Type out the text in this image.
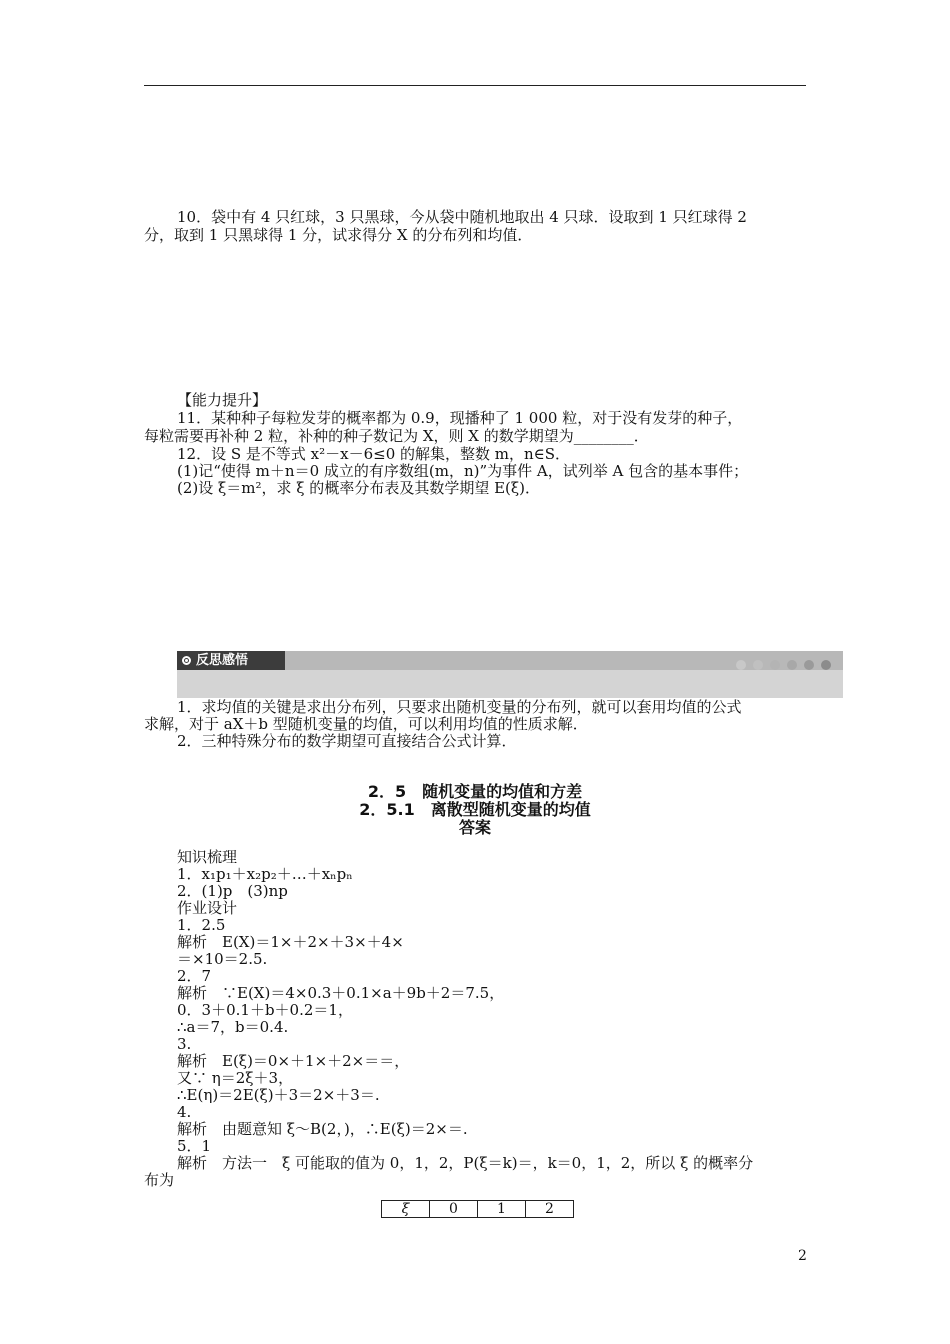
10．袋中有 4 只红球，3 只黑球，今从袋中随机地取出 4 只球．设取到 1 只红球得 2
分，取到 1 只黑球得 1 分，试求得分 X 的分布列和均值．
【能力提升】
11．某种种子每粒发芽的概率都为 0.9，现播种了 1 000 粒，对于没有发芽的种子，
每粒需要再补种 2 粒，补种的种子数记为 X，则 X 的数学期望为________．
12．设 S 是不等式 x²－x－6≤0 的解集，整数 m，n∈S．
(1)记“使得 m＋n＝0 成立的有序数组(m，n)”为事件 A，试列举 A 包含的基本事件；
(2)设 ξ＝m²，求 ξ 的概率分布表及其数学期望 E(ξ)．
反思感悟
1．求均值的关键是求出分布列，只要求出随机变量的分布列，就可以套用均值的公式
求解，对于 aX＋b 型随机变量的均值，可以利用均值的性质求解．
2．三种特殊分布的数学期望可直接结合公式计算．
2．5　随机变量的均值和方差
2．5.1　离散型随机变量的均值
答案
知识梳理
1．x₁p₁＋x₂p₂＋…＋xₙpₙ
2．(1)p　(3)np
作业设计
1．2.5
解析　E(X)＝1×＋2×＋3×＋4×
＝×10＝2.5.
2．7
解析　∵E(X)＝4×0.3＋0.1×a＋9b＋2＝7.5，
0．3＋0.1＋b＋0.2＝1，
∴a＝7，b＝0.4.
3.
解析　E(ξ)＝0×＋1×＋2×＝＝，
又∵ η＝2ξ＋3，
∴E(η)＝2E(ξ)＋3＝2×＋3＝.
4.
解析　由题意知 ξ～B(2，)，∴E(ξ)＝2×＝.
5．1
解析　方法一　ξ 可能取的值为 0，1，2，P(ξ＝k)＝，k＝0，1，2，所以 ξ 的概率分
布为
ξ	0	1	2
2
